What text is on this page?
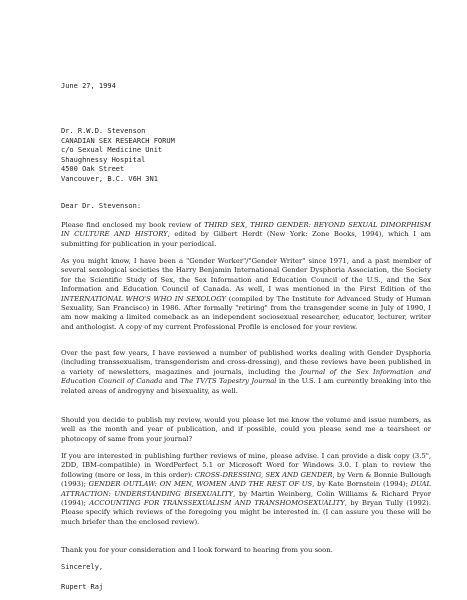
June 27, 1994
Dr. R.W.D. Stevenson
CANADIAN SEX RESEARCH FORUM
c/o Sexual Medicine Unit
Shaughnessy Hospital
4500 Oak Street
Vancouver, B.C. V6H 3N1
Dear Dr. Stevenson:
Please find enclosed my book review of THIRD SEX, THIRD GENDER: BEYOND SEXUAL DIMORPHISM IN CULTURE AND HISTORY, edited by Gilbert Herdt (New York: Zone Books, 1994), which I am submitting for publication in your periodical.
As you might know, I have been a "Gender Worker"/"Gender Writer" since 1971, and a past member of several sexological societies the Harry Benjamin International Gender Dysphoria Association, the Society for the Scientific Study of Sex, the Sex Information and Education Council of the U.S., and the Sex Information and Education Council of Canada. As well, I was mentioned in the First Edition of the INTERNATIONAL WHO'S WHO IN SEXOLOGY (compiled by The Institute for Advanced Study of Human Sexuality, San Francisco) in 1986. After formally "retiring" from the transgender scene in July of 1990, I am now making a limited comeback as an independent sociosexual researcher, educator, lecturer, writer and anthologist. A copy of my current Professional Profile is enclosed for your review.
Over the past few years, I have reviewed a number of published works dealing with Gender Dysphoria (including transsexualism, transgenderism and cross-dressing), and these reviews have been published in a variety of newsletters, magazines and journals, including the Journal of the Sex Information and Education Council of Canada and The TV/TS Tapestry Journal in the U.S. I am currently breaking into the related areas of androgyny and bisexuality, as well.
Should you decide to publish my review, would you please let me know the volume and issue numbers, as well as the month and year of publication, and if possible, could you please send me a tearsheet or photocopy of same from your journal?
If you are interested in publishing further reviews of mine, please advise. I can provide a disk copy (3.5", 2DD, IBM-compatible) in WordPerfect 5.1 or Microsoft Word for Windows 3.0. I plan to review the following (more or less, in this order): CROSS-DRESSING, SEX AND GENDER, by Vern & Bonnie Bullough (1993); GENDER OUTLAW: ON MEN, WOMEN AND THE REST OF US, by Kate Bornstein (1994); DUAL ATTRACTION: UNDERSTANDING BISEXUALITY, by Martin Weinberg, Colin Williams & Richard Pryor (1994); ACCOUNTING FOR TRANSSEXUALISM AND TRANSHOMOSEXUALITY, by Bryan Tully (1992). Please specify which reviews of the foregoing you might be interested in. (I can assure you these will be much briefer than the enclosed review).
Thank you for your consideration and I look forward to hearing from you soon.
Sincerely,
Rupert Raj
